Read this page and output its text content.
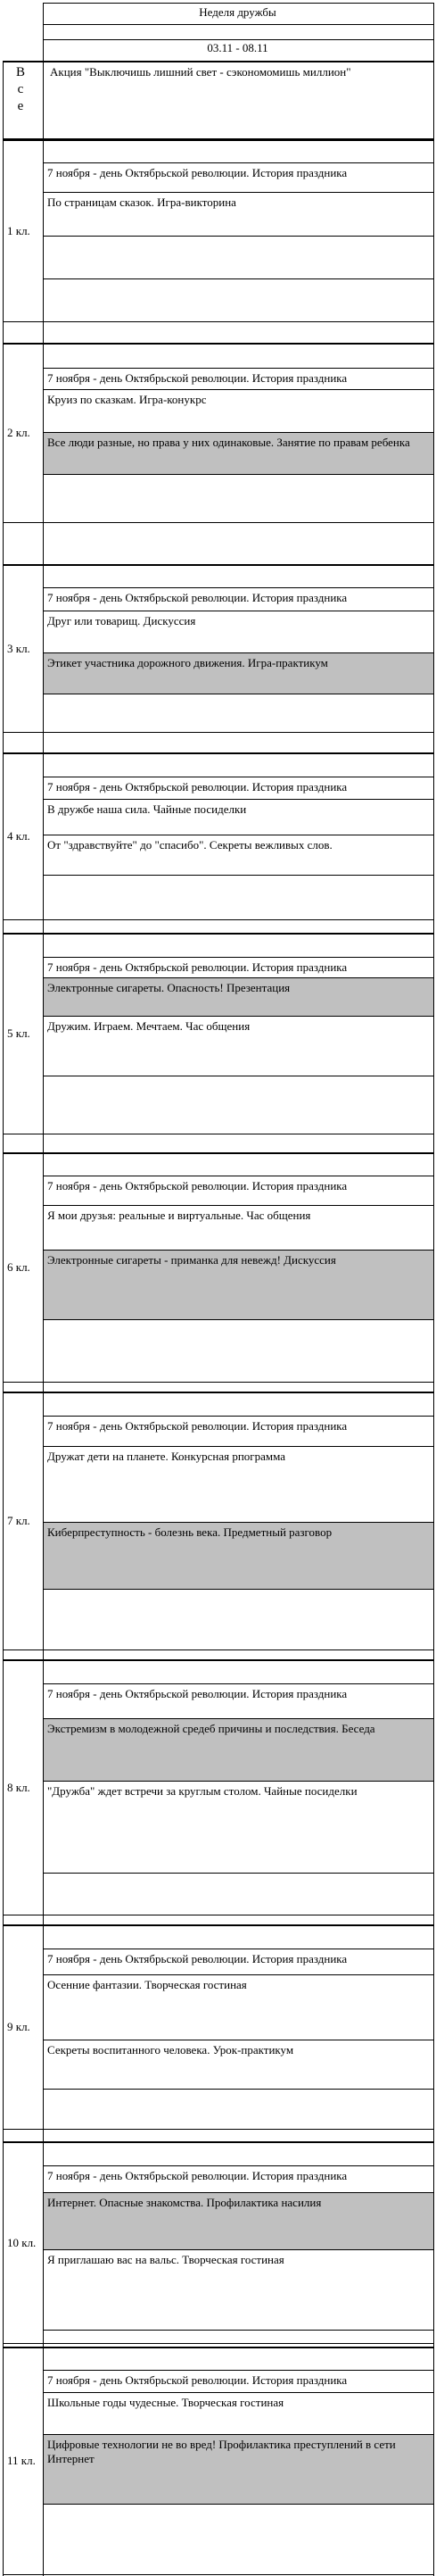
Неделя дружбы
03.11 - 08.11
В
с
е
Акция "Выключишь лишний свет - сэкономомишь миллион"
1 кл.
7 ноября - день Октябрьской революции. История праздника
По страницам сказок. Игра-викторина
2 кл.
7 ноября - день Октябрьской революции. История праздника
Круиз по сказкам. Игра-конукрс
Все люди разные, но права у них одинаковые. Занятие по правам ребенка
3 кл.
7 ноября - день Октябрьской революции. История праздника
Друг или товарищ. Дискуссия
Этикет участника дорожного движения. Игра-практикум
4 кл.
7 ноября - день Октябрьской революции. История праздника
В дружбе наша сила. Чайные посиделки
От "здравствуйте" до "спасибо". Секреты вежливых слов.
5 кл.
7 ноября - день Октябрьской революции. История праздника
Электронные сигареты. Опасность! Презентация
Дружим. Играем. Мечтаем. Час общения
6 кл.
7 ноября - день Октябрьской революции. История праздника
Я мои друзья: реальные и виртуальные. Час общения
Электронные сигареты - приманка для невежд! Дискуссия
7 кл.
7 ноября - день Октябрьской революции. История праздника
Дружат дети на планете. Конкурсная рпограмма
Киберпреступность - болезнь века. Предметный разговор
8 кл.
7 ноября - день Октябрьской революции. История праздника
Экстремизм в молодежной средеб причины и последствия. Беседа
"Дружба" ждет встречи за круглым столом. Чайные посиделки
9 кл.
7 ноября - день Октябрьской революции. История праздника
Осенние фантазии. Творческая гостиная
Секреты воспитанного человека. Урок-практикум
10 кл.
7 ноября - день Октябрьской революции. История праздника
Интернет. Опасные знакомства. Профилактика насилия
Я приглашаю вас на вальс. Творческая гостиная
11 кл.
7 ноября - день Октябрьской революции. История праздника
Школьные годы чудесные. Творческая гостиная
Цифровые технологии не во вред! Профилактика преступлений в сети Интернет
